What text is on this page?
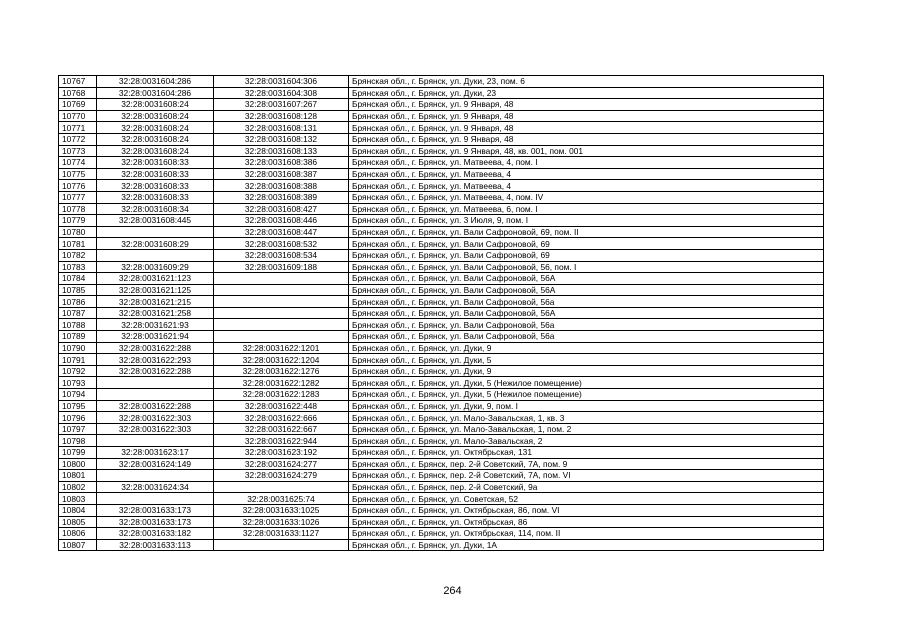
10767	32:28:0031604:286	32:28:0031604:306	Брянская обл., г. Брянск, ул. Дуки, 23, пом. 6
10768	32:28:0031604:286	32:28:0031604:308	Брянская обл., г. Брянск, ул. Дуки, 23
10769	32:28:0031608:24	32:28:0031607:267	Брянская обл., г. Брянск, ул. 9 Января, 48
10770	32:28:0031608:24	32:28:0031608:128	Брянская обл., г. Брянск, ул. 9 Января, 48
10771	32:28:0031608:24	32:28:0031608:131	Брянская обл., г. Брянск, ул. 9 Января, 48
10772	32:28:0031608:24	32:28:0031608:132	Брянская обл., г. Брянск, ул. 9 Января, 48
10773	32:28:0031608:24	32:28:0031608:133	Брянская обл., г. Брянск, ул. 9 Января, 48, кв. 001, пом. 001
10774	32:28:0031608:33	32:28:0031608:386	Брянская обл., г. Брянск, ул. Матвеева, 4, пом. I
10775	32:28:0031608:33	32:28:0031608:387	Брянская обл., г. Брянск, ул. Матвеева, 4
10776	32:28:0031608:33	32:28:0031608:388	Брянская обл., г. Брянск, ул. Матвеева, 4
10777	32:28:0031608:33	32:28:0031608:389	Брянская обл., г. Брянск, ул. Матвеева, 4, пом. IV
10778	32:28:0031608:34	32:28:0031608:427	Брянская обл., г. Брянск, ул. Матвеева, 6, пом. I
10779	32:28:0031608:445	32:28:0031608:446	Брянская обл., г. Брянск, ул. 3 Июля, 9, пом. I
10780		32:28:0031608:447	Брянская обл., г. Брянск, ул. Вали Сафроновой, 69, пом. II
10781	32:28:0031608:29	32:28:0031608:532	Брянская обл., г. Брянск, ул. Вали Сафроновой, 69
10782		32:28:0031608:534	Брянская обл., г. Брянск, ул. Вали Сафроновой, 69
10783	32:28:0031609:29	32:28:0031609:188	Брянская обл., г. Брянск, ул. Вали Сафроновой, 56, пом. I
10784	32:28:0031621:123		Брянская обл., г. Брянск, ул. Вали Сафроновой, 56А
10785	32:28:0031621:125		Брянская обл., г. Брянск, ул. Вали Сафроновой, 56А
10786	32:28:0031621:215		Брянская обл., г. Брянск, ул. Вали Сафроновой, 56а
10787	32:28:0031621:258		Брянская обл., г. Брянск, ул. Вали Сафроновой, 56А
10788	32:28:0031621:93		Брянская обл., г. Брянск, ул. Вали Сафроновой, 56а
10789	32:28:0031621:94		Брянская обл., г. Брянск, ул. Вали Сафроновой, 56а
10790	32:28:0031622:288	32:28:0031622:1201	Брянская обл., г. Брянск, ул. Дуки, 9
10791	32:28:0031622:293	32:28:0031622:1204	Брянская обл., г. Брянск, ул. Дуки, 5
10792	32:28:0031622:288	32:28:0031622:1276	Брянская обл., г. Брянск, ул. Дуки, 9
10793		32:28:0031622:1282	Брянская обл., г. Брянск, ул. Дуки, 5 (Нежилое помещение)
10794		32:28:0031622:1283	Брянская обл., г. Брянск, ул. Дуки, 5 (Нежилое помещение)
10795	32:28:0031622:288	32:28:0031622:448	Брянская обл., г. Брянск, ул. Дуки, 9, пом. I
10796	32:28:0031622:303	32:28:0031622:666	Брянская обл., г. Брянск, ул. Мало-Завальская, 1, кв. 3
10797	32:28:0031622:303	32:28:0031622:667	Брянская обл., г. Брянск, ул. Мало-Завальская, 1, пом. 2
10798		32:28:0031622:944	Брянская обл., г. Брянск, ул. Мало-Завальская, 2
10799	32:28:0031623:17	32:28:0031623:192	Брянская обл., г. Брянск, ул. Октябрьская, 131
10800	32:28:0031624:149	32:28:0031624:277	Брянская обл., г. Брянск, пер. 2-й Советский, 7А, пом. 9
10801		32:28:0031624:279	Брянская обл., г. Брянск, пер. 2-й Советский, 7А, пом. VI
10802	32:28:0031624:34		Брянская обл., г. Брянск, пер. 2-й Советский, 9а
10803		32:28:0031625:74	Брянская обл., г. Брянск, ул. Советская, 52
10804	32:28:0031633:173	32:28:0031633:1025	Брянская обл., г. Брянск, ул. Октябрьская, 86, пом. VI
10805	32:28:0031633:173	32:28:0031633:1026	Брянская обл., г. Брянск, ул. Октябрьская, 86
10806	32:28:0031633:182	32:28:0031633:1127	Брянская обл., г. Брянск, ул. Октябрьская, 114, пом. II
10807	32:28:0031633:113		Брянская обл., г. Брянск, ул. Дуки, 1А
264
